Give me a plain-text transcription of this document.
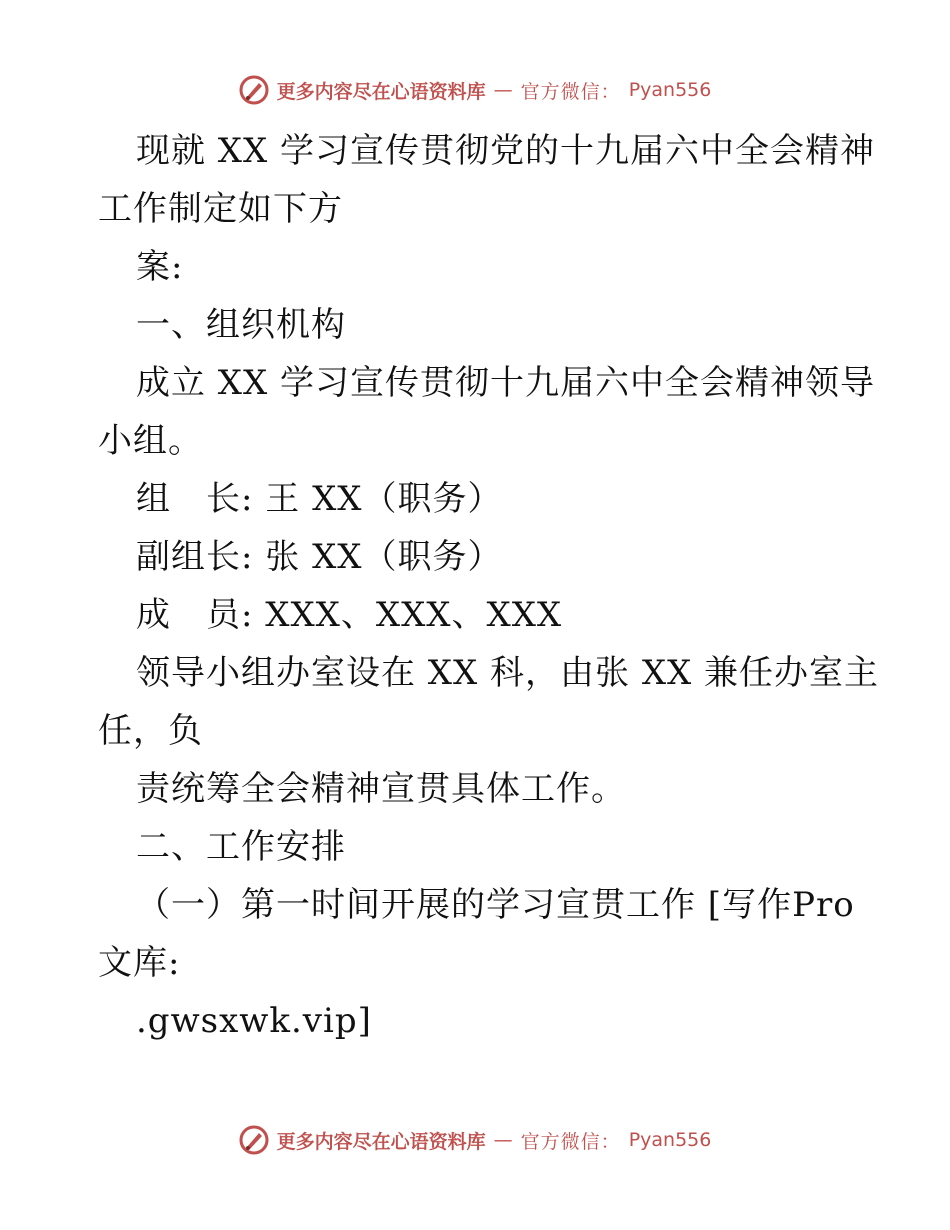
更多内容尽在心语资料库 — 官方微信： Pyan556
现就 XX 学习宣传贯彻党的十九届六中全会精神
工作制定如下方
案:
一、组织机构
成立 XX 学习宣传贯彻十九届六中全会精神领导
小组。
组　长: 王 XX（职务）
副组长: 张 XX（职务）
成　员: XXX、XXX、XXX
领导小组办室设在 XX 科，由张 XX 兼任办室主
任，负
责统筹全会精神宣贯具体工作。
二、工作安排
（一）第一时间开展的学习宣贯工作 [写作Pro
文库:
.gwsxwk.vip]
更多内容尽在心语资料库 — 官方微信： Pyan556
